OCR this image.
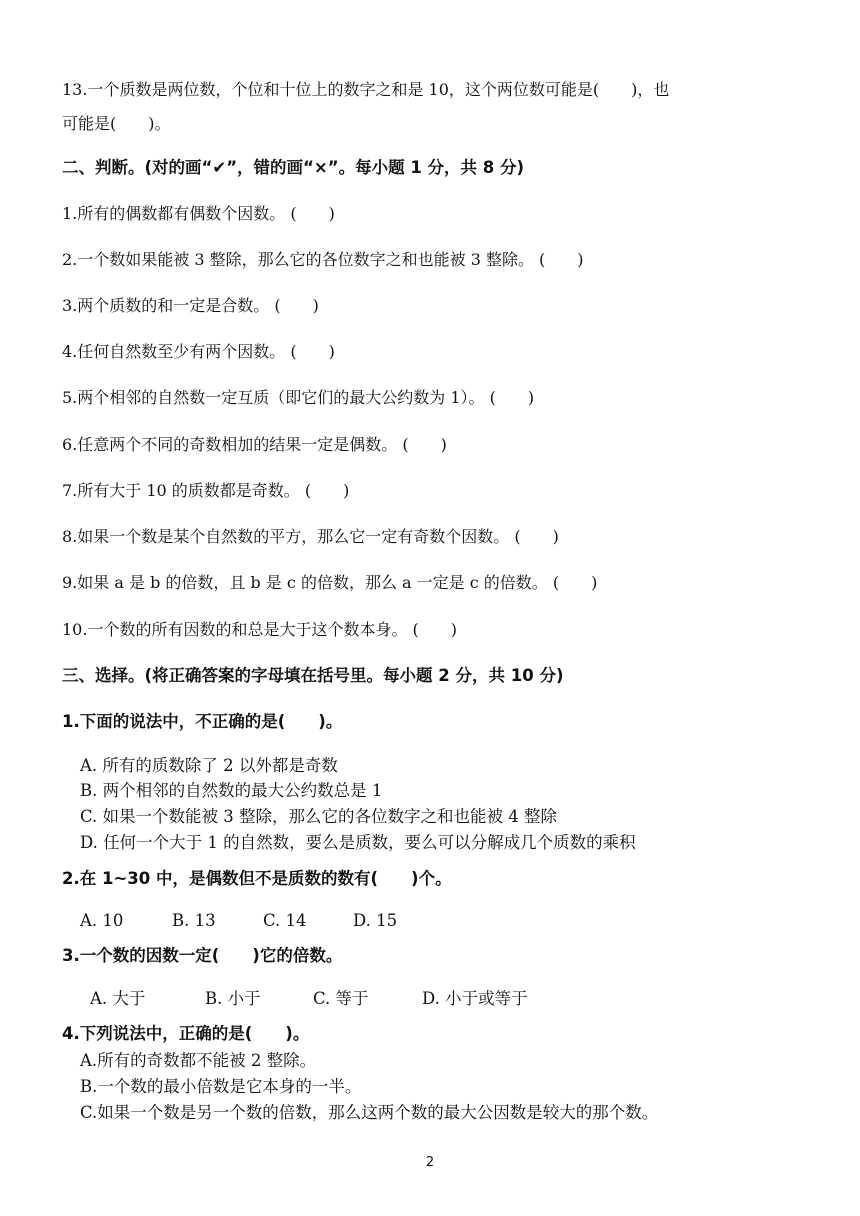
13.一个质数是两位数，个位和十位上的数字之和是 10，这个两位数可能是(　　)，也
可能是(　　)。
二、判断。(对的画“✔”，错的画“×”。每小题 1 分，共 8 分)
1.所有的偶数都有偶数个因数。 (　　)
2.一个数如果能被 3 整除，那么它的各位数字之和也能被 3 整除。 (　　)
3.两个质数的和一定是合数。 (　　)
4.任何自然数至少有两个因数。 (　　)
5.两个相邻的自然数一定互质（即它们的最大公约数为 1）。 (　　)
6.任意两个不同的奇数相加的结果一定是偶数。 (　　)
7.所有大于 10 的质数都是奇数。 (　　)
8.如果一个数是某个自然数的平方，那么它一定有奇数个因数。 (　　)
9.如果 a 是 b 的倍数，且 b 是 c 的倍数，那么 a 一定是 c 的倍数。 (　　)
10.一个数的所有因数的和总是大于这个数本身。 (　　)
三、选择。(将正确答案的字母填在括号里。每小题 2 分，共 10 分)
1.下面的说法中，不正确的是(　　)。
A. 所有的质数除了 2 以外都是奇数
B. 两个相邻的自然数的最大公约数总是 1
C. 如果一个数能被 3 整除，那么它的各位数字之和也能被 4 整除
D. 任何一个大于 1 的自然数，要么是质数，要么可以分解成几个质数的乘积
2.在 1~30 中，是偶数但不是质数的数有(　　)个。
A. 10	B. 13	C. 14	D. 15
3.一个数的因数一定(　　)它的倍数。
A. 大于	B. 小于	C. 等于	D. 小于或等于
4.下列说法中，正确的是(　　)。
A.所有的奇数都不能被 2 整除。
B.一个数的最小倍数是它本身的一半。
C.如果一个数是另一个数的倍数，那么这两个数的最大公因数是较大的那个数。
2
